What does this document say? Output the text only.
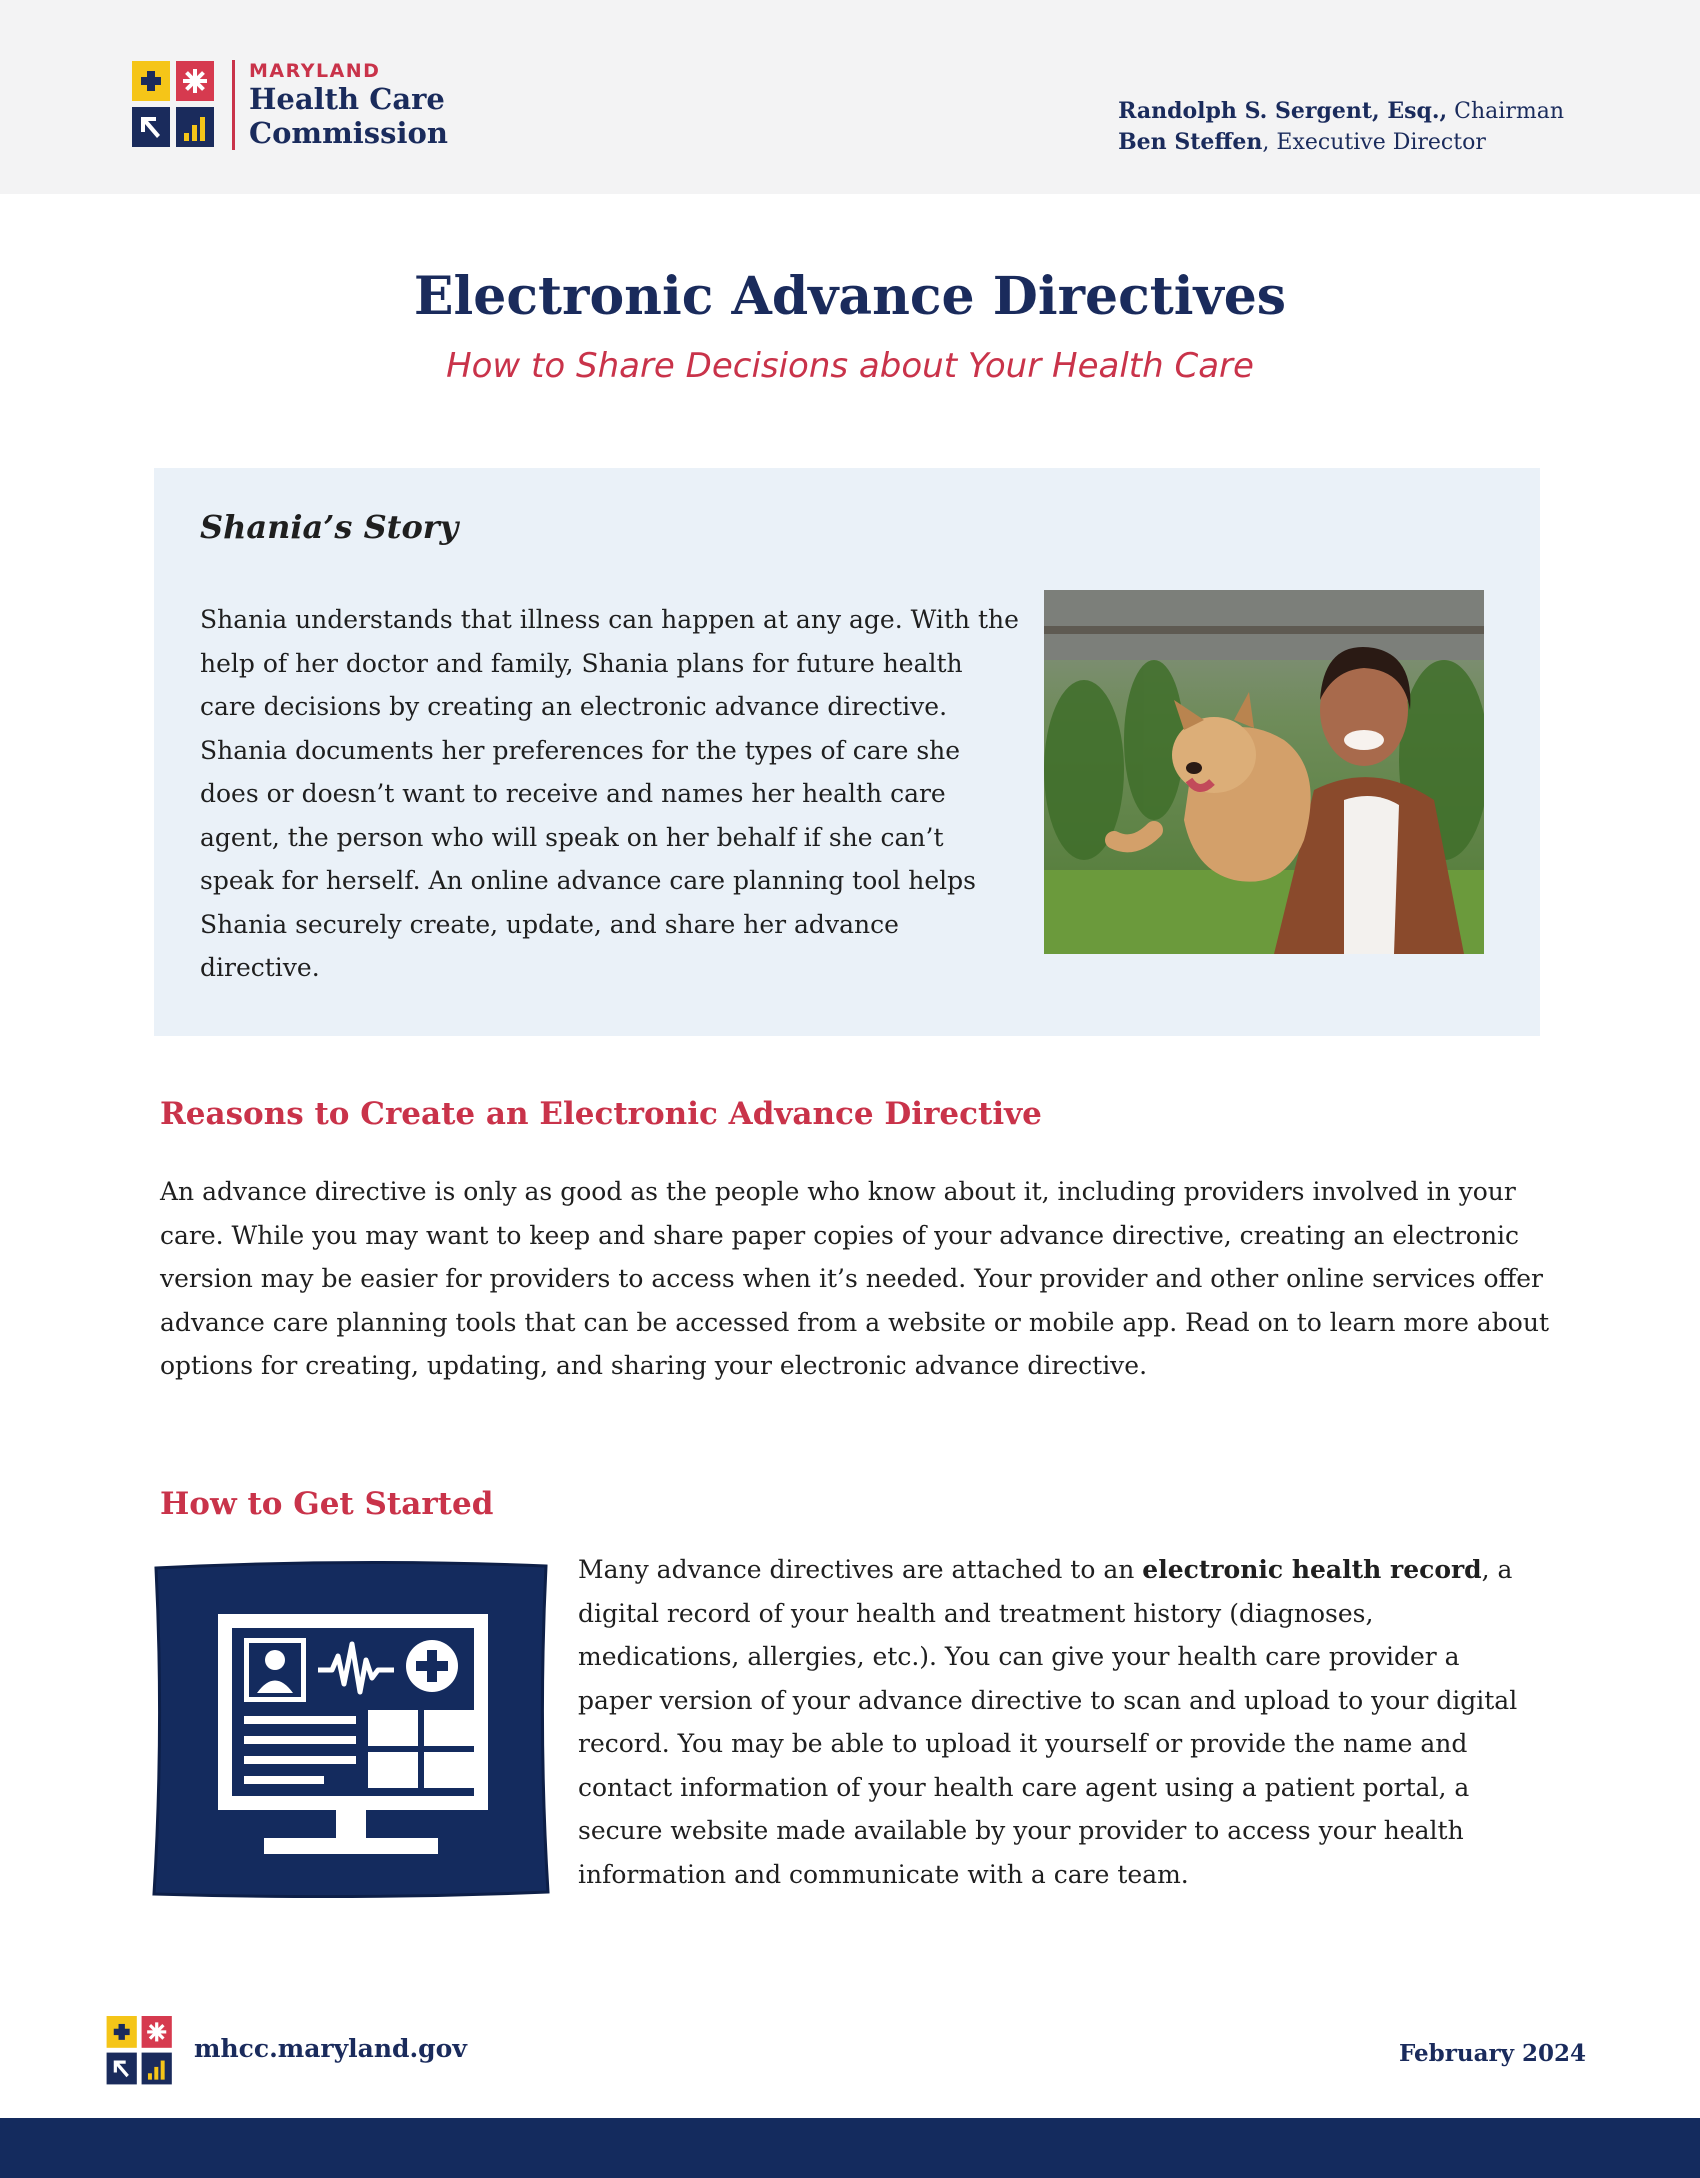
MARYLAND
Health Care
Commission
Randolph S. Sergent, Esq., Chairman
Ben Steffen, Executive Director
Electronic Advance Directives
How to Share Decisions about Your Health Care
Shania’s Story

Shania understands that illness can happen at any age. With the help of her doctor and family, Shania plans for future health care decisions by creating an electronic advance directive. Shania documents her preferences for the types of care she does or doesn’t want to receive and names her health care agent, the person who will speak on her behalf if she can’t speak for herself. An online advance care planning tool helps Shania securely create, update, and share her advance directive.

Reasons to Create an Electronic Advance Directive

An advance directive is only as good as the people who know about it, including providers involved in your care. While you may want to keep and share paper copies of your advance directive, creating an electronic version may be easier for providers to access when it’s needed. Your provider and other online services offer advance care planning tools that can be accessed from a website or mobile app. Read on to learn more about options for creating, updating, and sharing your electronic advance directive.

How to Get Started

Many advance directives are attached to an electronic health record, a digital record of your health and treatment history (diagnoses, medications, allergies, etc.). You can give your health care provider a paper version of your advance directive to scan and upload to your digital record. You may be able to upload it yourself or provide the name and contact information of your health care agent using a patient portal, a secure website made available by your provider to access your health information and communicate with a care team.

mhcc.maryland.gov	February 2024
